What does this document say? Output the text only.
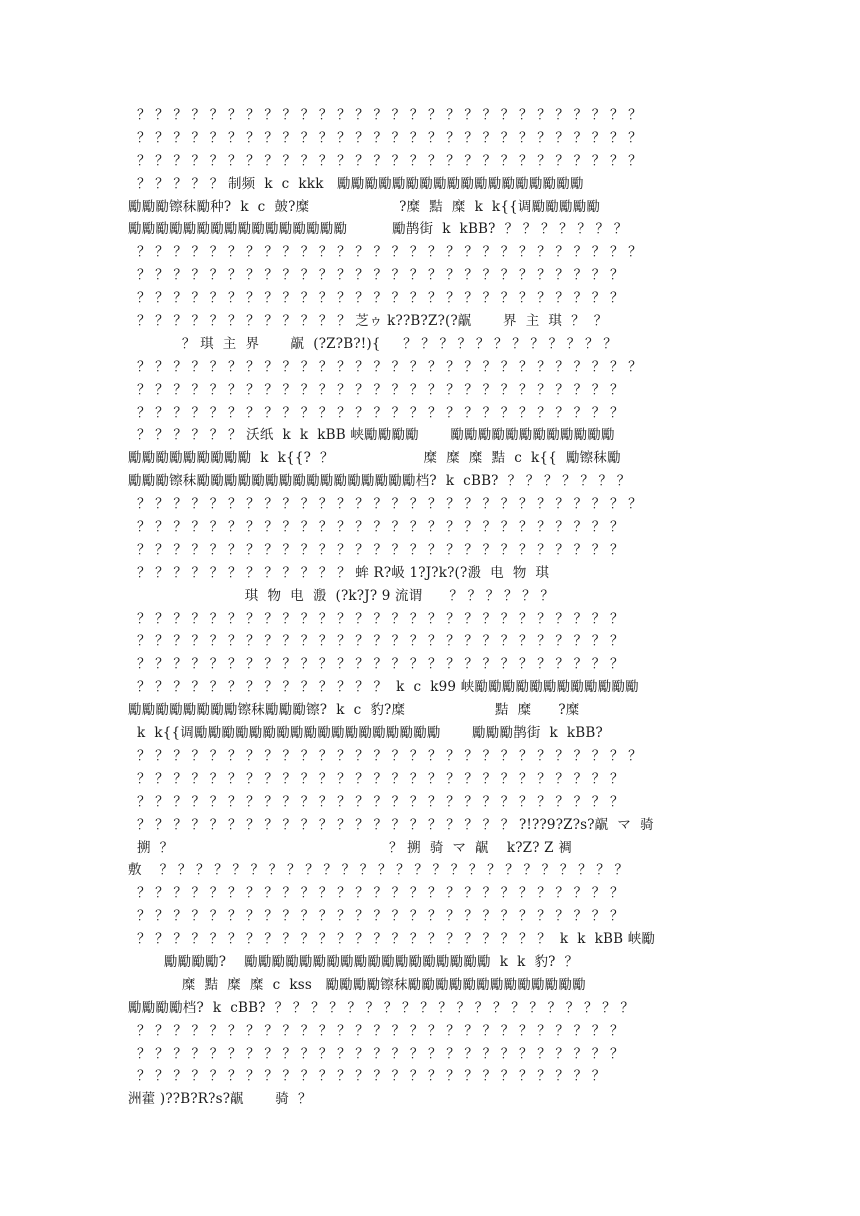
？ ？ ？ ？ ？ ？ ？ ？ ？ ？ ？ ？ ？ ？ ？ ？ ？ ？ ？ ？ ？ ？ ？ ？ ？ ？ ？ ？
？ ？ ？ ？ ？ ？ ？ ？ ？ ？ ？ ？ ？ ？ ？ ？ ？ ？ ？ ？ ？ ？ ？ ？ ？ ？ ？ ？
？ ？ ？ ？ ？ ？ ？ ？ ？ ？ ？ ？ ？ ？ ？ ？ ？ ？ ？ ？ ？ ？ ？ ？ ？ ？ ？ ？
？ ？ ？ ？ ？ 制频  k  c  kkk   勵勵勵勵勵勵勵勵勵勵勵勵勵勵勵勵勵勵
勵勵勵镲秣勵种?  k  c  皷?糜                    ?糜  黠  糜  k  k{{调勵勵勵勵勵
勵勵勵勵勵勵勵勵勵勵勵勵勵勵勵勵          勵鹊街  k  kBB?  ？ ？ ？ ？ ？ ？ ？
？ ？ ？ ？ ？ ？ ？ ？ ？ ？ ？ ？ ？ ？ ？ ？ ？ ？ ？ ？ ？ ？ ？ ？ ？ ？ ？ ？
？ ？ ？ ？ ？ ？ ？ ？ ？ ？ ？ ？ ？ ？ ？ ？ ？ ？ ？ ？ ？ ？ ？ ？ ？ ？ ？
？ ？ ？ ？ ？ ？ ？ ？ ？ ？ ？ ？ ？ ？ ？ ？ ？ ？ ？ ？ ？ ？ ？ ？ ？ ？ ？
？ ？ ？ ？ ？ ？ ？ ？ ？ ？ ？ ？ 芝ゥ k??B?Z?(?髛       界  主  琪  ？  ？
？ 琪  主  界       髛  (?Z?B?!){     ？ ？ ？ ？ ？ ？ ？ ？ ？ ？ ？ ？
？ ？ ？ ？ ？ ？ ？ ？ ？ ？ ？ ？ ？ ？ ？ ？ ？ ？ ？ ？ ？ ？ ？ ？ ？ ？ ？ ？
？ ？ ？ ？ ？ ？ ？ ？ ？ ？ ？ ？ ？ ？ ？ ？ ？ ？ ？ ？ ？ ？ ？ ？ ？ ？ ？
？ ？ ？ ？ ？ ？ ？ ？ ？ ？ ？ ？ ？ ？ ？ ？ ？ ？ ？ ？ ？ ？ ？ ？ ？ ？ ？
？ ？ ？ ？ ？ ？ 沃纸  k  k  kBB 峡勵勵勵勵       勵勵勵勵勵勵勵勵勵勵勵勵
勵勵勵勵勵勵勵勵勵  k  k{{?  ？                    糜  糜  糜  黠  c  k{{  勵镲秣勵
勵勵勵镲秣勵勵勵勵勵勵勵勵勵勵勵勵勵勵勵勵档?  k  cBB?  ？ ？ ？ ？ ？ ？ ？
？ ？ ？ ？ ？ ？ ？ ？ ？ ？ ？ ？ ？ ？ ？ ？ ？ ？ ？ ？ ？ ？ ？ ？ ？ ？ ？ ？
？ ？ ？ ？ ？ ？ ？ ？ ？ ？ ？ ？ ？ ？ ？ ？ ？ ？ ？ ？ ？ ？ ？ ？ ？ ？ ？
？ ？ ？ ？ ？ ？ ？ ？ ？ ？ ？ ？ ？ ？ ？ ？ ？ ？ ？ ？ ？ ？ ？ ？ ？ ？ ？
？ ？ ？ ？ ？ ？ ？ ？ ？ ？ ？ ？ 蛑 R?岋 1?J?k?(?溵  电  物  琪
琪  物  电  溵  (?k?J? 9 流谓      ？ ？ ？ ？ ？ ？
？ ？ ？ ？ ？ ？ ？ ？ ？ ？ ？ ？ ？ ？ ？ ？ ？ ？ ？ ？ ？ ？ ？ ？ ？ ？ ？
？ ？ ？ ？ ？ ？ ？ ？ ？ ？ ？ ？ ？ ？ ？ ？ ？ ？ ？ ？ ？ ？ ？ ？ ？ ？ ？
？ ？ ？ ？ ？ ？ ？ ？ ？ ？ ？ ？ ？ ？ ？ ？ ？ ？ ？ ？ ？ ？ ？ ？ ？ ？ ？
？ ？ ？ ？ ？ ？ ？ ？ ？ ？ ？ ？ ？ ？  k  c  k99 峡勵勵勵勵勵勵勵勵勵勵勵勵
勵勵勵勵勵勵勵勵镲秣勵勵勵镲?  k  c  豹?糜                    黠  糜      ?糜
k  k{{调勵勵勵勵勵勵勵勵勵勵勵勵勵勵勵勵勵勵       勵勵勵鹊街  k  kBB?
？ ？ ？ ？ ？ ？ ？ ？ ？ ？ ？ ？ ？ ？ ？ ？ ？ ？ ？ ？ ？ ？ ？ ？ ？ ？ ？ ？
？ ？ ？ ？ ？ ？ ？ ？ ？ ？ ？ ？ ？ ？ ？ ？ ？ ？ ？ ？ ？ ？ ？ ？ ？ ？ ？
？ ？ ？ ？ ？ ？ ？ ？ ？ ？ ？ ？ ？ ？ ？ ？ ？ ？ ？ ？ ？ ？ ？ ？ ？ ？ ？
？ ？ ？ ？ ？ ？ ？ ？ ？ ？ ？ ？ ？ ？ ？ ？ ？ ？ ？ ？ ？ ?!??9?Z?s?髛  マ  骑
搠  ？                                                ？ 搠  骑  マ  髛    k?Z? Z 裯
敷    ？ ？ ？ ？ ？ ？ ？ ？ ？ ？ ？ ？ ？ ？ ？ ？ ？ ？ ？ ？ ？ ？ ？ ？ ？ ？
？ ？ ？ ？ ？ ？ ？ ？ ？ ？ ？ ？ ？ ？ ？ ？ ？ ？ ？ ？ ？ ？ ？ ？ ？ ？ ？
？ ？ ？ ？ ？ ？ ？ ？ ？ ？ ？ ？ ？ ？ ？ ？ ？ ？ ？ ？ ？ ？ ？ ？ ？ ？ ？
？ ？ ？ ？ ？ ？ ？ ？ ？ ？ ？ ？ ？ ？ ？ ？ ？ ？ ？ ？ ？ ？ ？  k  k  kBB 峡勵
勵勵勵勵?    勵勵勵勵勵勵勵勵勵勵勵勵勵勵勵勵勵勵  k  k  豹?  ？
糜  黠  糜  糜  c  kss   勵勵勵勵镲秣勵勵勵勵勵勵勵勵勵勵勵勵勵
勵勵勵勵档?  k  cBB?  ？ ？ ？ ？ ？ ？ ？ ？ ？ ？ ？ ？ ？ ？ ？ ？ ？ ？ ？ ？
？ ？ ？ ？ ？ ？ ？ ？ ？ ？ ？ ？ ？ ？ ？ ？ ？ ？ ？ ？ ？ ？ ？ ？ ？ ？ ？
？ ？ ？ ？ ？ ？ ？ ？ ？ ？ ？ ？ ？ ？ ？ ？ ？ ？ ？ ？ ？ ？ ？ ？ ？ ？ ？
？ ？ ？ ？ ？ ？ ？ ？ ？ ？ ？ ？ ？ ？ ？ ？ ？ ？ ？ ？ ？ ？ ？ ？ ？ ？
洲藿 )??B?R?s?髛       骑  ？
